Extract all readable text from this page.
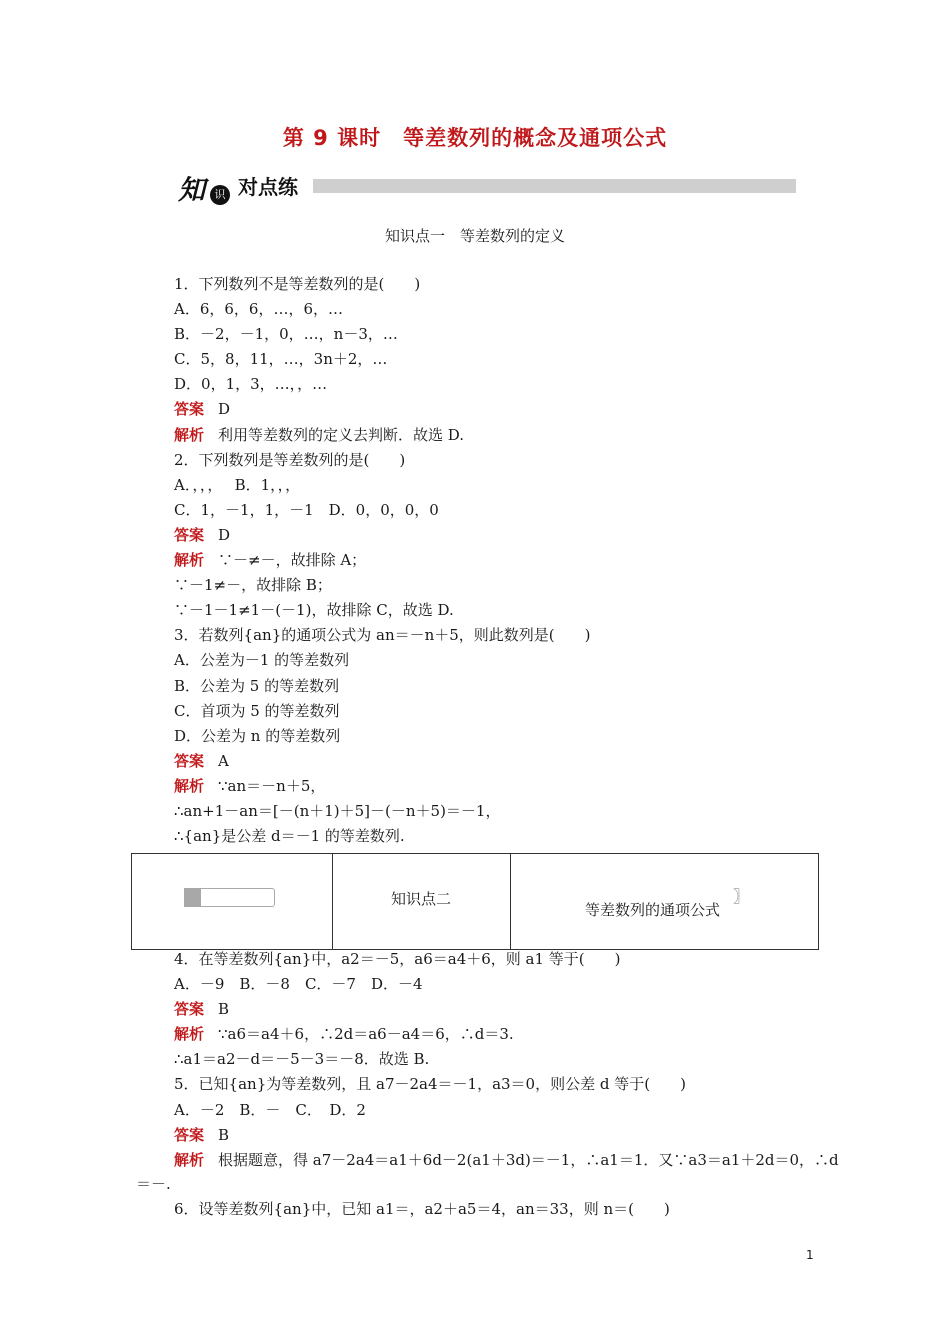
第 9 课时　等差数列的概念及通项公式
知 识 对点练
知识点一　等差数列的定义
1．下列数列不是等差数列的是(　　)
A．6，6，6，…，6，…
B．－2，－1，0，…，n－3，…
C．5，8，11，…，3n＋2，…
D．0，1，3，…，，…
答案 D
解析 利用等差数列的定义去判断．故选 D.
2．下列数列是等差数列的是(　　)
A．，，，　 B．1，，，
C．1，－1，1，－1　D．0，0，0，0
答案 D
解析 ∵－≠－，故排除 A；
∵－1≠－，故排除 B；
∵－1－1≠1－(－1)，故排除 C，故选 D.
3．若数列{an}的通项公式为 an＝－n＋5，则此数列是(　　)
A．公差为－1 的等差数列
B．公差为 5 的等差数列
C．首项为 5 的等差数列
D．公差为 n 的等差数列
答案 A
解析 ∵an＝－n＋5，
∴an+1－an＝[－(n＋1)＋5]－(－n＋5)＝－1，
∴{an}是公差 d＝－1 的等差数列.
知识点二
等差数列的通项公式
〗
4．在等差数列{an}中，a2＝－5，a6＝a4＋6，则 a1 等于(　　)
A．－9　B．－8　C．－7　D．－4
答案 B
解析 ∵a6＝a4＋6，∴2d＝a6－a4＝6，∴d＝3.
∴a1＝a2－d＝－5－3＝－8．故选 B.
5．已知{an}为等差数列，且 a7－2a4＝－1，a3＝0，则公差 d 等于(　　)
A．－2　B．－　C．　D．2
答案 B
解析 根据题意，得 a7－2a4＝a1＋6d－2(a1＋3d)＝－1，∴a1＝1．又∵a3＝a1＋2d＝0，∴d
＝－.
6．设等差数列{an}中，已知 a1＝，a2＋a5＝4，an＝33，则 n＝(　　)
1
